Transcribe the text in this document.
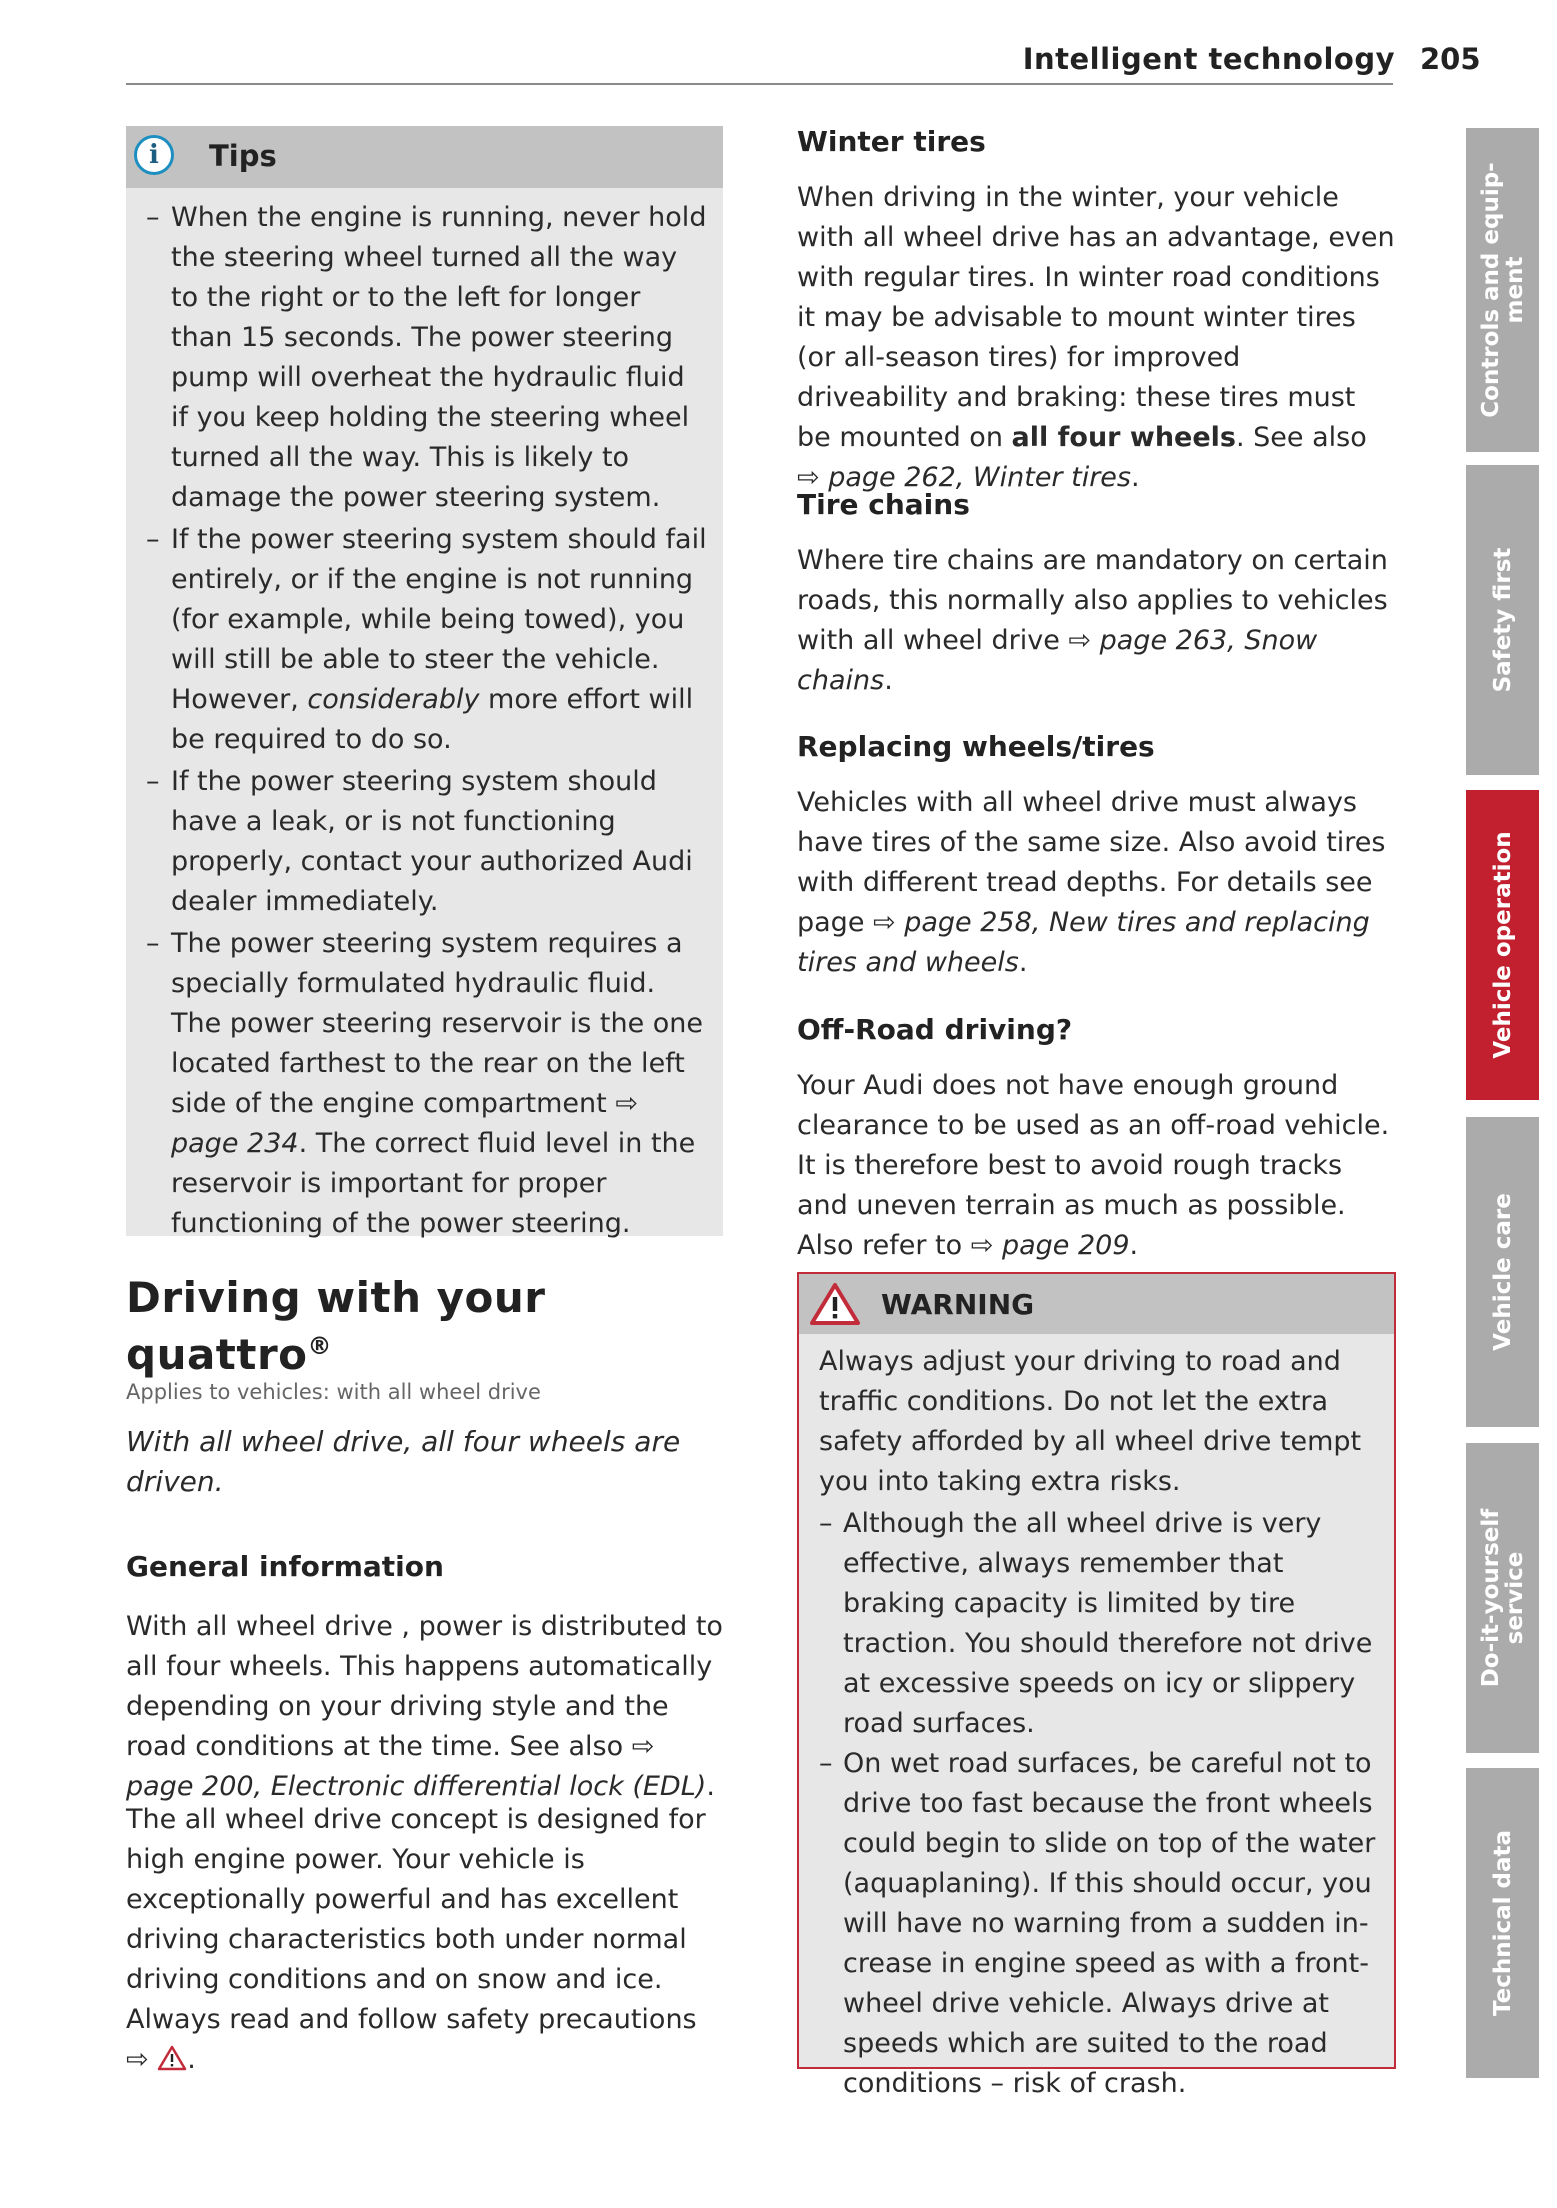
Intelligent technology 205
i	Tips
– When the engine is running, never hold the steering wheel turned all the way to the right or to the left for longer than 15 seconds. The power steering pump will overheat the hydraulic fluid if you keep holding the steering wheel turned all the way. This is likely to damage the power steering system.
– If the power steering system should fail entirely, or if the engine is not running (for example, while being towed), you will still be able to steer the vehicle. However, considerably more effort will be required to do so.
– If the power steering system should have a leak, or is not functioning properly, contact your authorized Audi dealer immediately.
– The power steering system requires a specially formulated hydraulic fluid. The power steering reservoir is the one located farthest to the rear on the left side of the engine compartment ⇨ page 234. The correct fluid level in the reservoir is important for proper functioning of the power steering.
Driving with your
quattro®
Applies to vehicles: with all wheel drive
With all wheel drive, all four wheels are driven.
General information
With all wheel drive , power is distributed to all four wheels. This happens automatically depending on your driving style and the road conditions at the time. See also ⇨ page 200, Electronic differential lock (EDL).
The all wheel drive concept is designed for high engine power. Your vehicle is exceptionally powerful and has excellent driving characteristics both under normal driving conditions and on snow and ice. Always read and follow safety precautions ⇨ .
Winter tires
When driving in the winter, your vehicle with all wheel drive has an advantage, even with regular tires. In winter road conditions it may be advisable to mount winter tires (or all-season tires) for improved driveability and braking: these tires must be mounted on all four wheels. See also ⇨ page 262, Winter tires.
Tire chains
Where tire chains are mandatory on certain roads, this normally also applies to vehicles with all wheel drive ⇨ page 263, Snow chains.
Replacing wheels/tires
Vehicles with all wheel drive must always have tires of the same size. Also avoid tires with different tread depths. For details see page ⇨ page 258, New tires and replacing tires and wheels.
Off-Road driving?
Your Audi does not have enough ground clearance to be used as an off-road vehicle. It is therefore best to avoid rough tracks and uneven terrain as much as possible. Also refer to ⇨ page 209.
WARNING
Always adjust your driving to road and traffic conditions. Do not let the extra safety afforded by all wheel drive tempt you into taking extra risks.
– Although the all wheel drive is very effective, always remember that braking capacity is limited by tire traction. You should therefore not drive at excessive speeds on icy or slippery road surfaces.
– On wet road surfaces, be careful not to drive too fast because the front wheels could begin to slide on top of the water (aquaplaning). If this should occur, you will have no warning from a sudden increase in engine speed as with a front-wheel drive vehicle. Always drive at speeds which are suited to the road conditions – risk of crash.
Controls and equip-
ment
Safety first
Vehicle operation
Vehicle care
Do-it-yourself
service
Technical data
